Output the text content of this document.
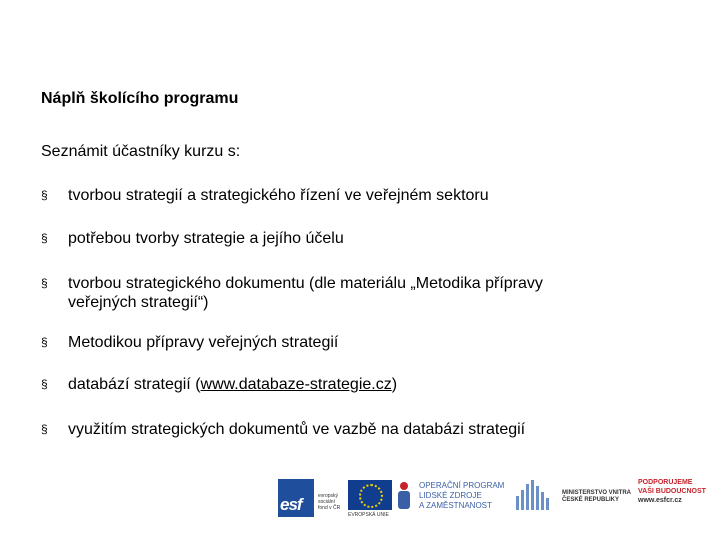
Náplň školícího programu

Seznámit účastníky kurzu s:

§	tvorbou strategií a strategického řízení ve veřejném sektoru
§	potřebou tvorby strategie a jejího účelu
§	tvorbou strategického dokumentu (dle materiálu „Metodika přípravy veřejných strategií“)
§	Metodikou přípravy veřejných strategií
§	databází strategií (www.databaze-strategie.cz)
§	využitím strategických dokumentů ve vazbě na databázi strategií
esf	evropský sociální fond v ČR
EVROPSKÁ UNIE
OPERAČNÍ PROGRAM
LIDSKÉ ZDROJE
A ZAMĚSTNANOST
MINISTERSTVO VNITRA
ČESKÉ REPUBLIKY
PODPORUJEME
VAŠI BUDOUCNOST
www.esfcr.cz
